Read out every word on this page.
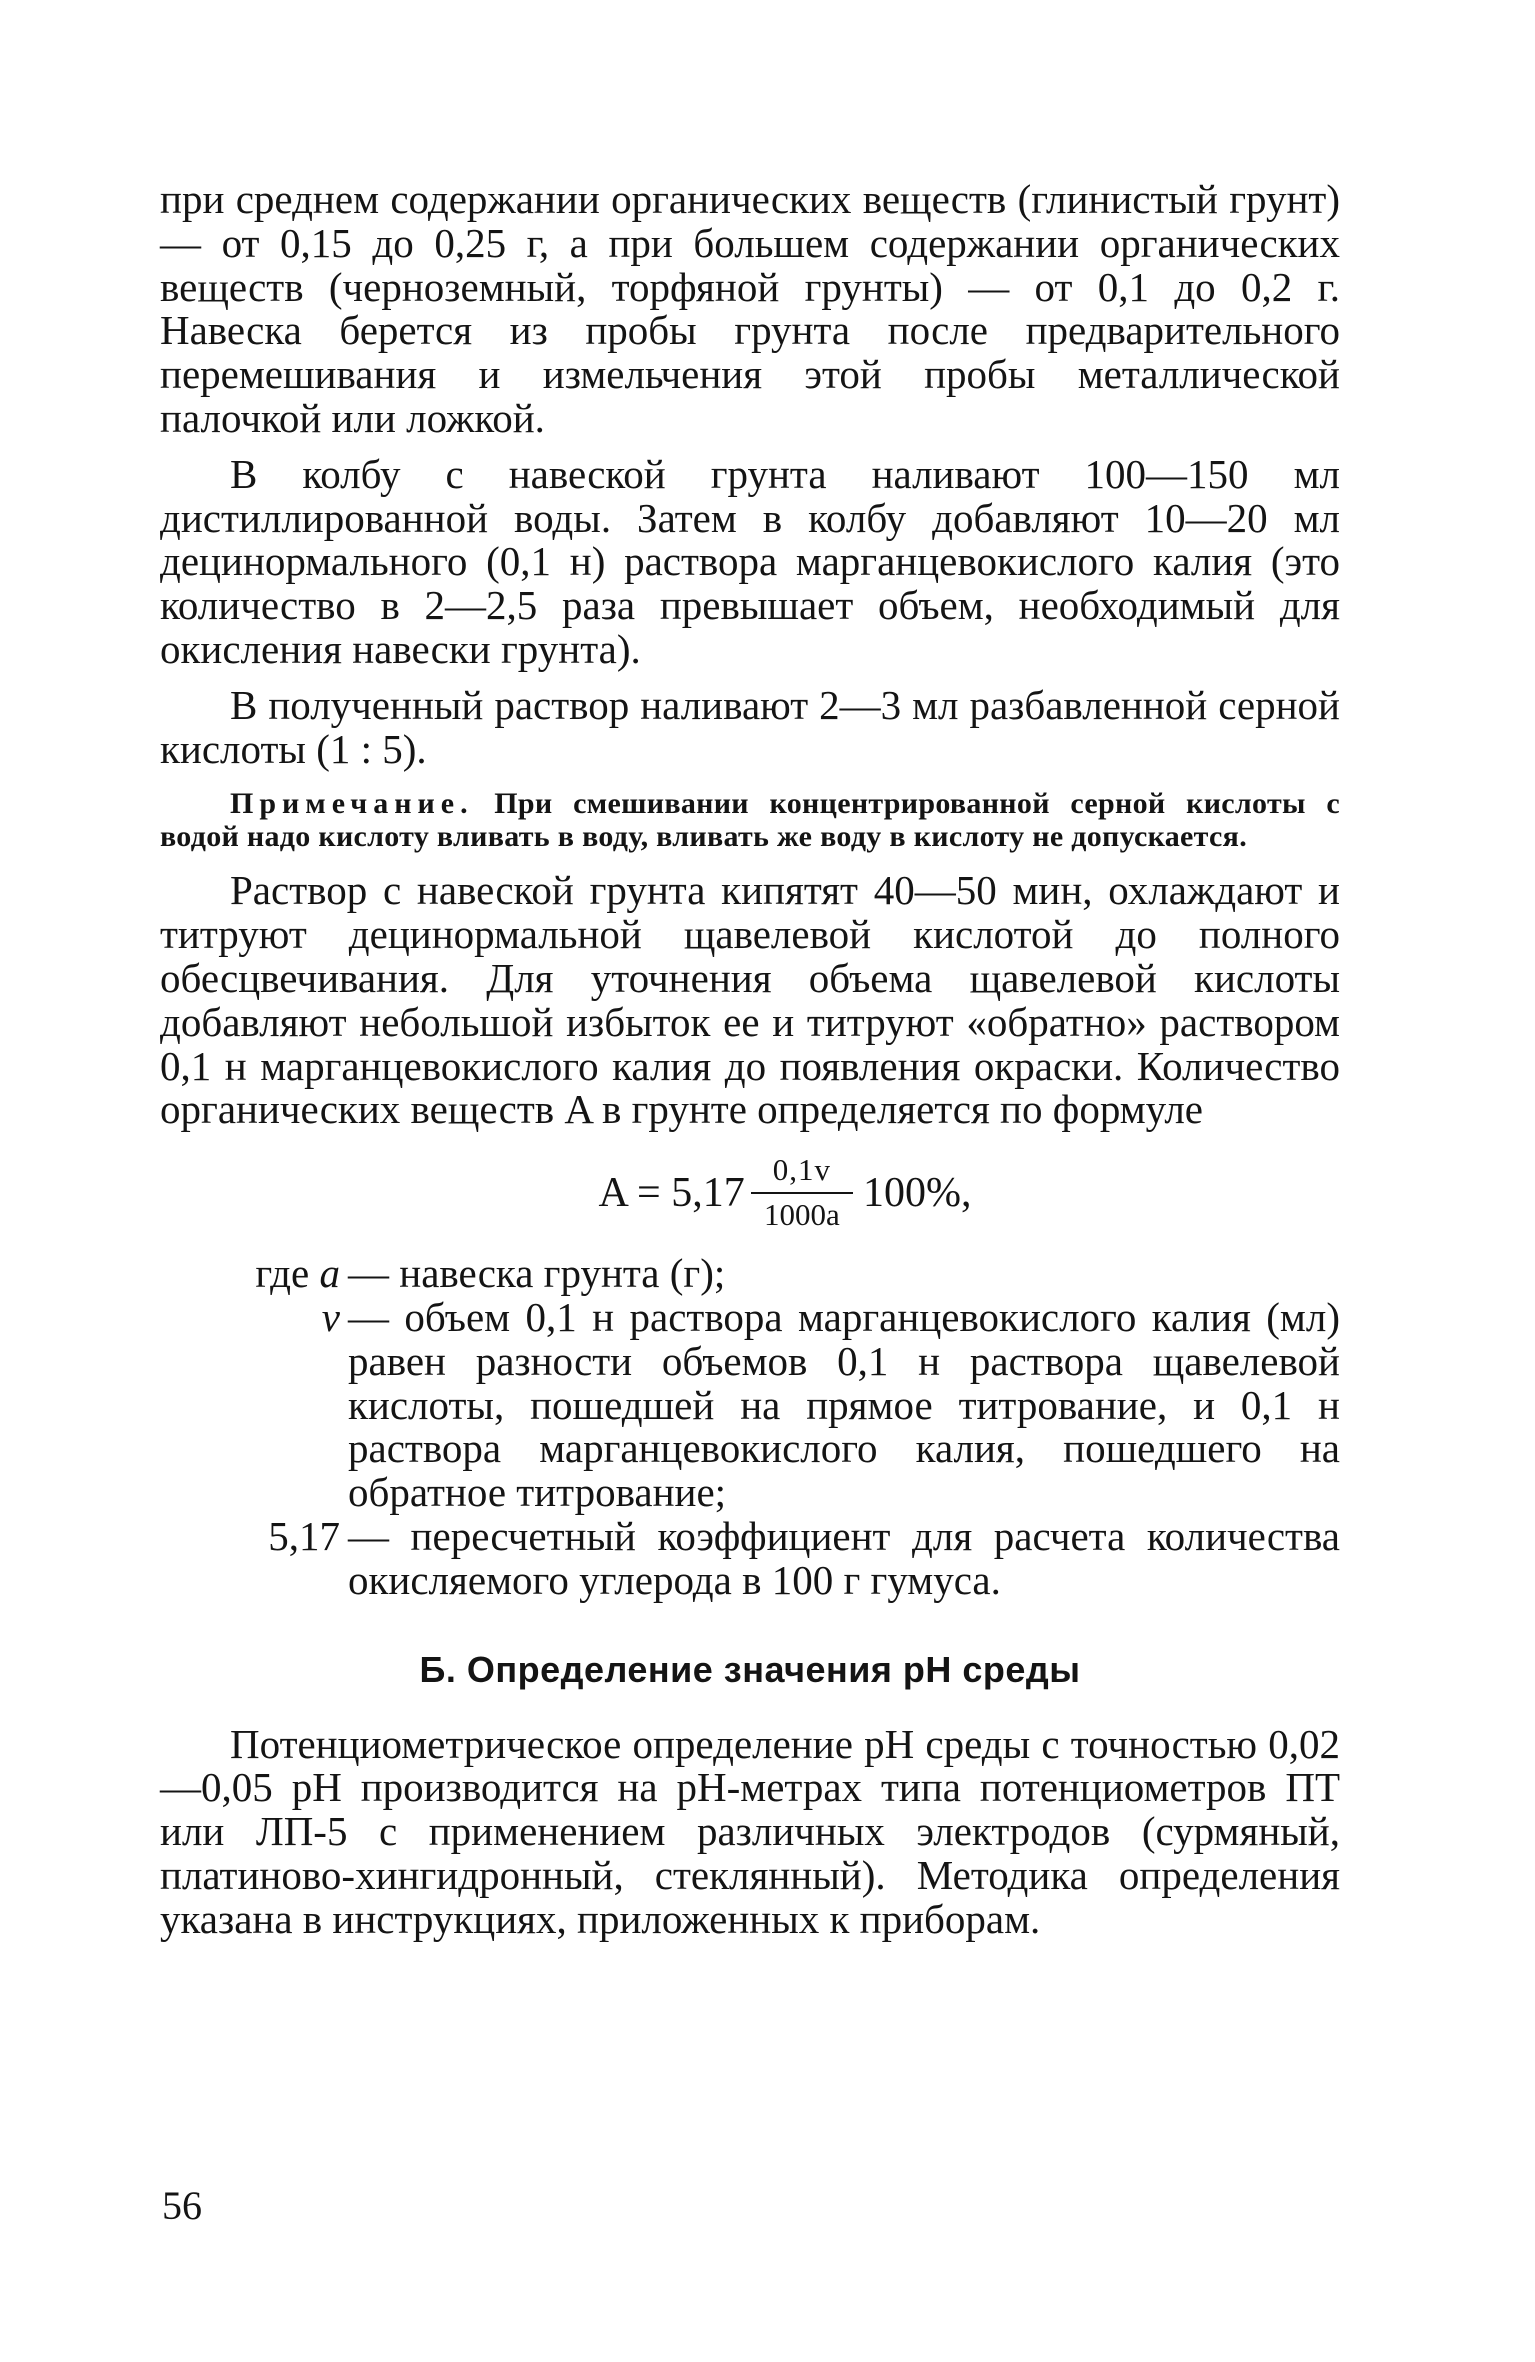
при среднем содержании органических веществ (глинистый грунт) — от 0,15 до 0,25 г, а при большем содержании органических веществ (черноземный, торфяной грунты) — от 0,1 до 0,2 г. Навеска берется из пробы грунта после предварительного перемешивания и измельчения этой пробы металлической палочкой или ложкой.

В колбу с навеской грунта наливают 100—150 мл дистиллированной воды. Затем в колбу добавляют 10—20 мл децинормального (0,1 н) раствора марганцевокислого калия (это количество в 2—2,5 раза превышает объем, необходимый для окисления навески грунта).

В полученный раствор наливают 2—3 мл разбавленной серной кислоты (1 : 5).

Примечание. При смешивании концентрированной серной кислоты с водой надо кислоту вливать в воду, вливать же воду в кислоту не допускается.

Раствор с навеской грунта кипятят 40—50 мин, охлаждают и титруют децинормальной щавелевой кислотой до полного обесцвечивания. Для уточнения объема щавелевой кислоты добавляют небольшой избыток ее и титруют «обратно» раствором 0,1 н марганцевокислого калия до появления окраски. Количество органических веществ A в грунте определяется по формуле

$A = 5,17 \frac{0,1v}{1000a} 100\%$,
где a — навеска грунта (г);
v — объем 0,1 н раствора марганцевокислого калия (мл) равен разности объемов 0,1 н раствора щавелевой кислоты, пошедшей на прямое титрование, и 0,1 н раствора марганцевокислого калия, пошедшего на обратное титрование;
5,17 — пересчетный коэффициент для расчета количества окисляемого углерода в 100 г гумуса.
Б. Определение значения pH среды

Потенциометрическое определение pH среды с точностью 0,02—0,05 pH производится на pH-метрах типа потенциометров ПТ или ЛП-5 с применением различных электродов (сурмяный, платиново-хингидронный, стеклянный). Методика определения указана в инструкциях, приложенных к приборам.

56
